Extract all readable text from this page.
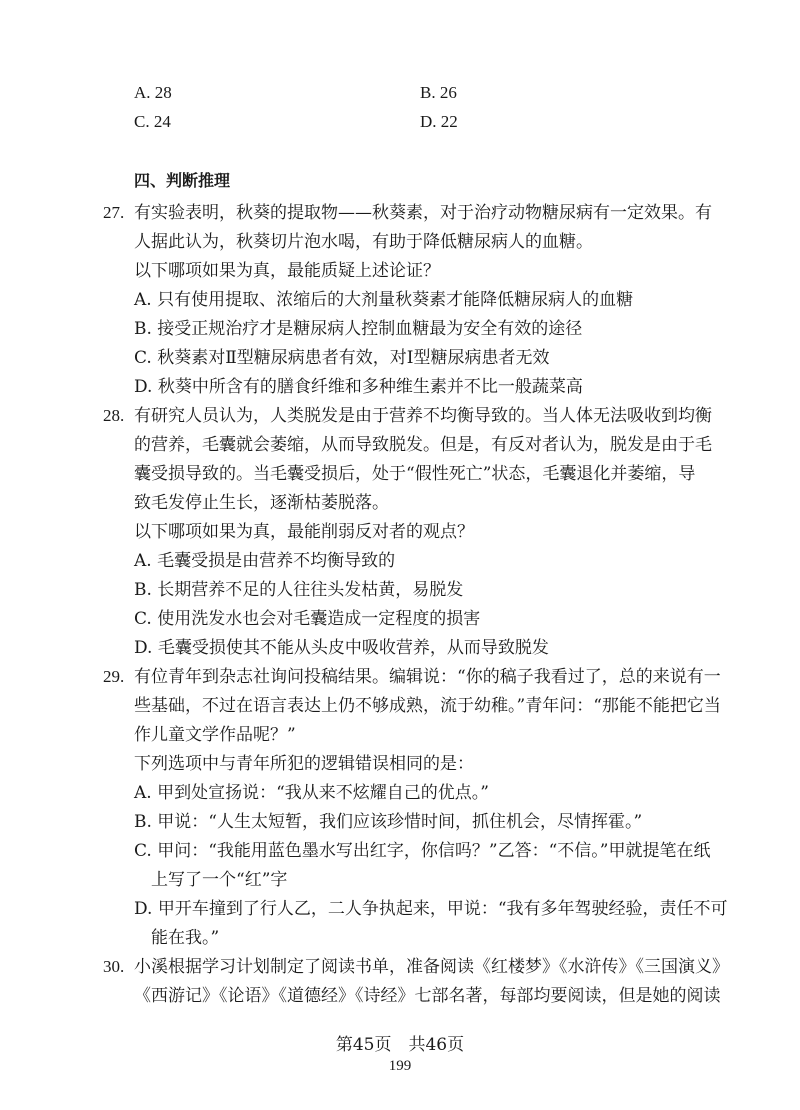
A. 28	B. 26
C. 24	D. 22
四、判断推理
27. 有实验表明，秋葵的提取物——秋葵素，对于治疗动物糖尿病有一定效果。有
人据此认为，秋葵切片泡水喝，有助于降低糖尿病人的血糖。
以下哪项如果为真，最能质疑上述论证？
A. 只有使用提取、浓缩后的大剂量秋葵素才能降低糖尿病人的血糖
B. 接受正规治疗才是糖尿病人控制血糖最为安全有效的途径
C. 秋葵素对Ⅱ型糖尿病患者有效，对Ⅰ型糖尿病患者无效
D. 秋葵中所含有的膳食纤维和多种维生素并不比一般蔬菜高
28. 有研究人员认为，人类脱发是由于营养不均衡导致的。当人体无法吸收到均衡
的营养，毛囊就会萎缩，从而导致脱发。但是，有反对者认为，脱发是由于毛
囊受损导致的。当毛囊受损后，处于“假性死亡”状态，毛囊退化并萎缩，导
致毛发停止生长，逐渐枯萎脱落。
以下哪项如果为真，最能削弱反对者的观点？
A. 毛囊受损是由营养不均衡导致的
B. 长期营养不足的人往往头发枯黄，易脱发
C. 使用洗发水也会对毛囊造成一定程度的损害
D. 毛囊受损使其不能从头皮中吸收营养，从而导致脱发
29. 有位青年到杂志社询问投稿结果。编辑说：“你的稿子我看过了，总的来说有一
些基础，不过在语言表达上仍不够成熟，流于幼稚。”青年问：“那能不能把它当
作儿童文学作品呢？”
下列选项中与青年所犯的逻辑错误相同的是：
A. 甲到处宣扬说：“我从来不炫耀自己的优点。”
B. 甲说：“人生太短暂，我们应该珍惜时间，抓住机会，尽情挥霍。”
C. 甲问：“我能用蓝色墨水写出红字，你信吗？”乙答：“不信。”甲就提笔在纸
上写了一个“红”字
D. 甲开车撞到了行人乙，二人争执起来，甲说：“我有多年驾驶经验，责任不可
能在我。”
30. 小溪根据学习计划制定了阅读书单，准备阅读《红楼梦》《水浒传》《三国演义》
《西游记》《论语》《道德经》《诗经》七部名著，每部均要阅读，但是她的阅读
第45页　共46页
199
